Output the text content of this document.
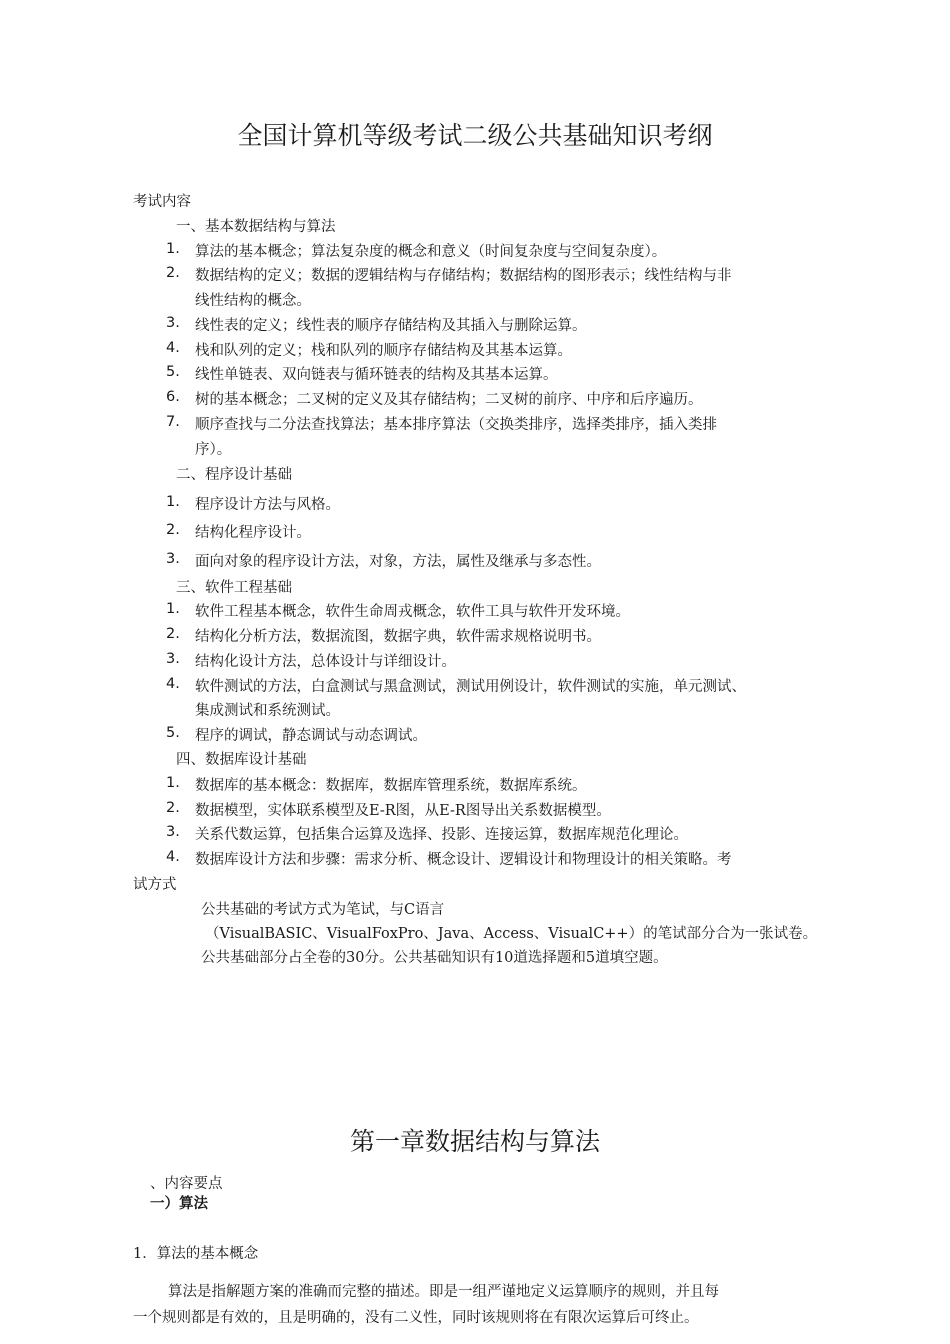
全国计算机等级考试二级公共基础知识考纲
考试内容
一、基本数据结构与算法
1. 算法的基本概念；算法复杂度的概念和意义（时间复杂度与空间复杂度）。
2. 数据结构的定义；数据的逻辑结构与存储结构；数据结构的图形表示；线性结构与非
线性结构的概念。
3. 线性表的定义；线性表的顺序存储结构及其插入与删除运算。
4. 栈和队列的定义；栈和队列的顺序存储结构及其基本运算。
5. 线性单链表、双向链表与循环链表的结构及其基本运算。
6. 树的基本概念；二叉树的定义及其存储结构；二叉树的前序、中序和后序遍历。
7. 顺序查找与二分法查找算法；基本排序算法（交换类排序，选择类排序，插入类排
序）。
二、程序设计基础
1. 程序设计方法与风格。
2. 结构化程序设计。
3. 面向对象的程序设计方法，对象，方法，属性及继承与多态性。
三、软件工程基础
1. 软件工程基本概念，软件生命周戎概念，软件工具与软件开发环境。
2. 结构化分析方法，数据流图，数据字典，软件需求规格说明书。
3. 结构化设计方法，总体设计与详细设计。
4. 软件测试的方法，白盒测试与黑盒测试，测试用例设计，软件测试的实施，单元测试、
集成测试和系统测试。
5. 程序的调试，静态调试与动态调试。
四、数据库设计基础
1. 数据库的基本概念：数据库，数据库管理系统，数据库系统。
2. 数据模型，实体联系模型及E-R图，从E-R图导出关系数据模型。
3. 关系代数运算，包括集合运算及选择、投影、连接运算，数据库规范化理论。
4. 数据库设计方法和步骤：需求分析、概念设计、逻辑设计和物理设计的相关策略。考
试方式
公共基础的考试方式为笔试，与C语言
（VisualBASIC、VisualFoxPro、Java、Access、VisualC++）的笔试部分合为一张试卷。
公共基础部分占全卷的30分。公共基础知识有10道选择题和5道填空题。
第一章数据结构与算法
、内容要点
一）算法
1．算法的基本概念
算法是指解题方案的准确而完整的描述。即是一组严谨地定义运算顺序的规则，并且每
一个规则都是有效的，且是明确的，没有二义性，同时该规则将在有限次运算后可终止。
